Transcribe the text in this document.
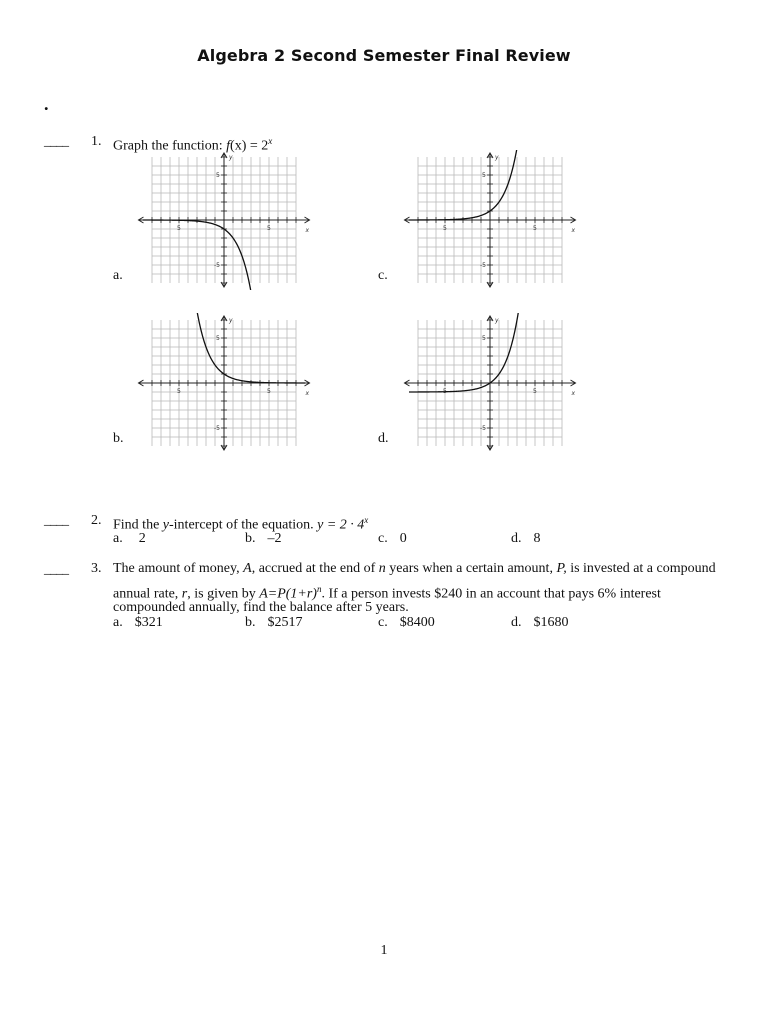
Algebra 2 Second Semester Final Review
.
____ 1. Graph the function: $f(x) = 2^x$
a.
b.
c.
d.
5	5
5
-5
x
y
5	5
5
-5
x
y
5	5
5
-5
x
y
5	5
5
-5
x
y
____ 2. Find the y-intercept of the equation. $y = 2 \cdot 4^x$
a. 2	b. –2	c. 0	d. 8
____ 3. The amount of money, A, accrued at the end of n years when a certain amount, P, is invested at a compound
annual rate, r, is given by $A=P(1+r)^n$. If a person invests $240 in an account that pays 6% interest
compounded annually, find the balance after 5 years.
a. $321	b. $2517	c. $8400	d. $1680
1
